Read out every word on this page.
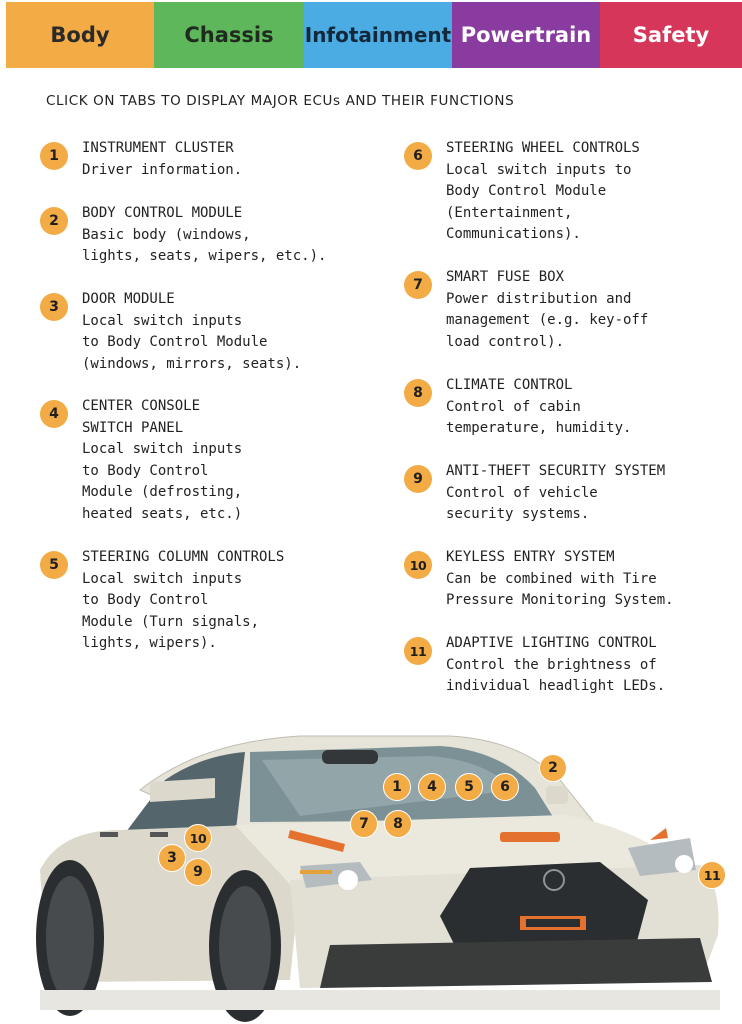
Body	Chassis	Infotainment Powertrain	Safety
CLICK ON TABS TO DISPLAY MAJOR ECUs AND THEIR FUNCTIONS
1	INSTRUMENT CLUSTER
Driver information.
2	BODY CONTROL MODULE
Basic body (windows,
lights, seats, wipers, etc.).
3	DOOR MODULE
Local switch inputs
to Body Control Module
(windows, mirrors, seats).
4	CENTER CONSOLE
SWITCH PANEL
Local switch inputs
to Body Control
Module (defrosting,
heated seats, etc.)
5	STEERING COLUMN CONTROLS
Local switch inputs
to Body Control
Module (Turn signals,
lights, wipers).
6	STEERING WHEEL CONTROLS
Local switch inputs to
Body Control Module
(Entertainment,
Communications).
7	SMART FUSE BOX
Power distribution and
management (e.g. key-off
load control).
8	CLIMATE CONTROL
Control of cabin
temperature, humidity.
9	ANTI-THEFT SECURITY SYSTEM
Control of vehicle
security systems.
10	KEYLESS ENTRY SYSTEM
Can be combined with Tire
Pressure Monitoring System.
11	ADAPTIVE LIGHTING CONTROL
Control the brightness of
individual headlight LEDs.
1	4	5	6
2
7	8
10
3
9	11
